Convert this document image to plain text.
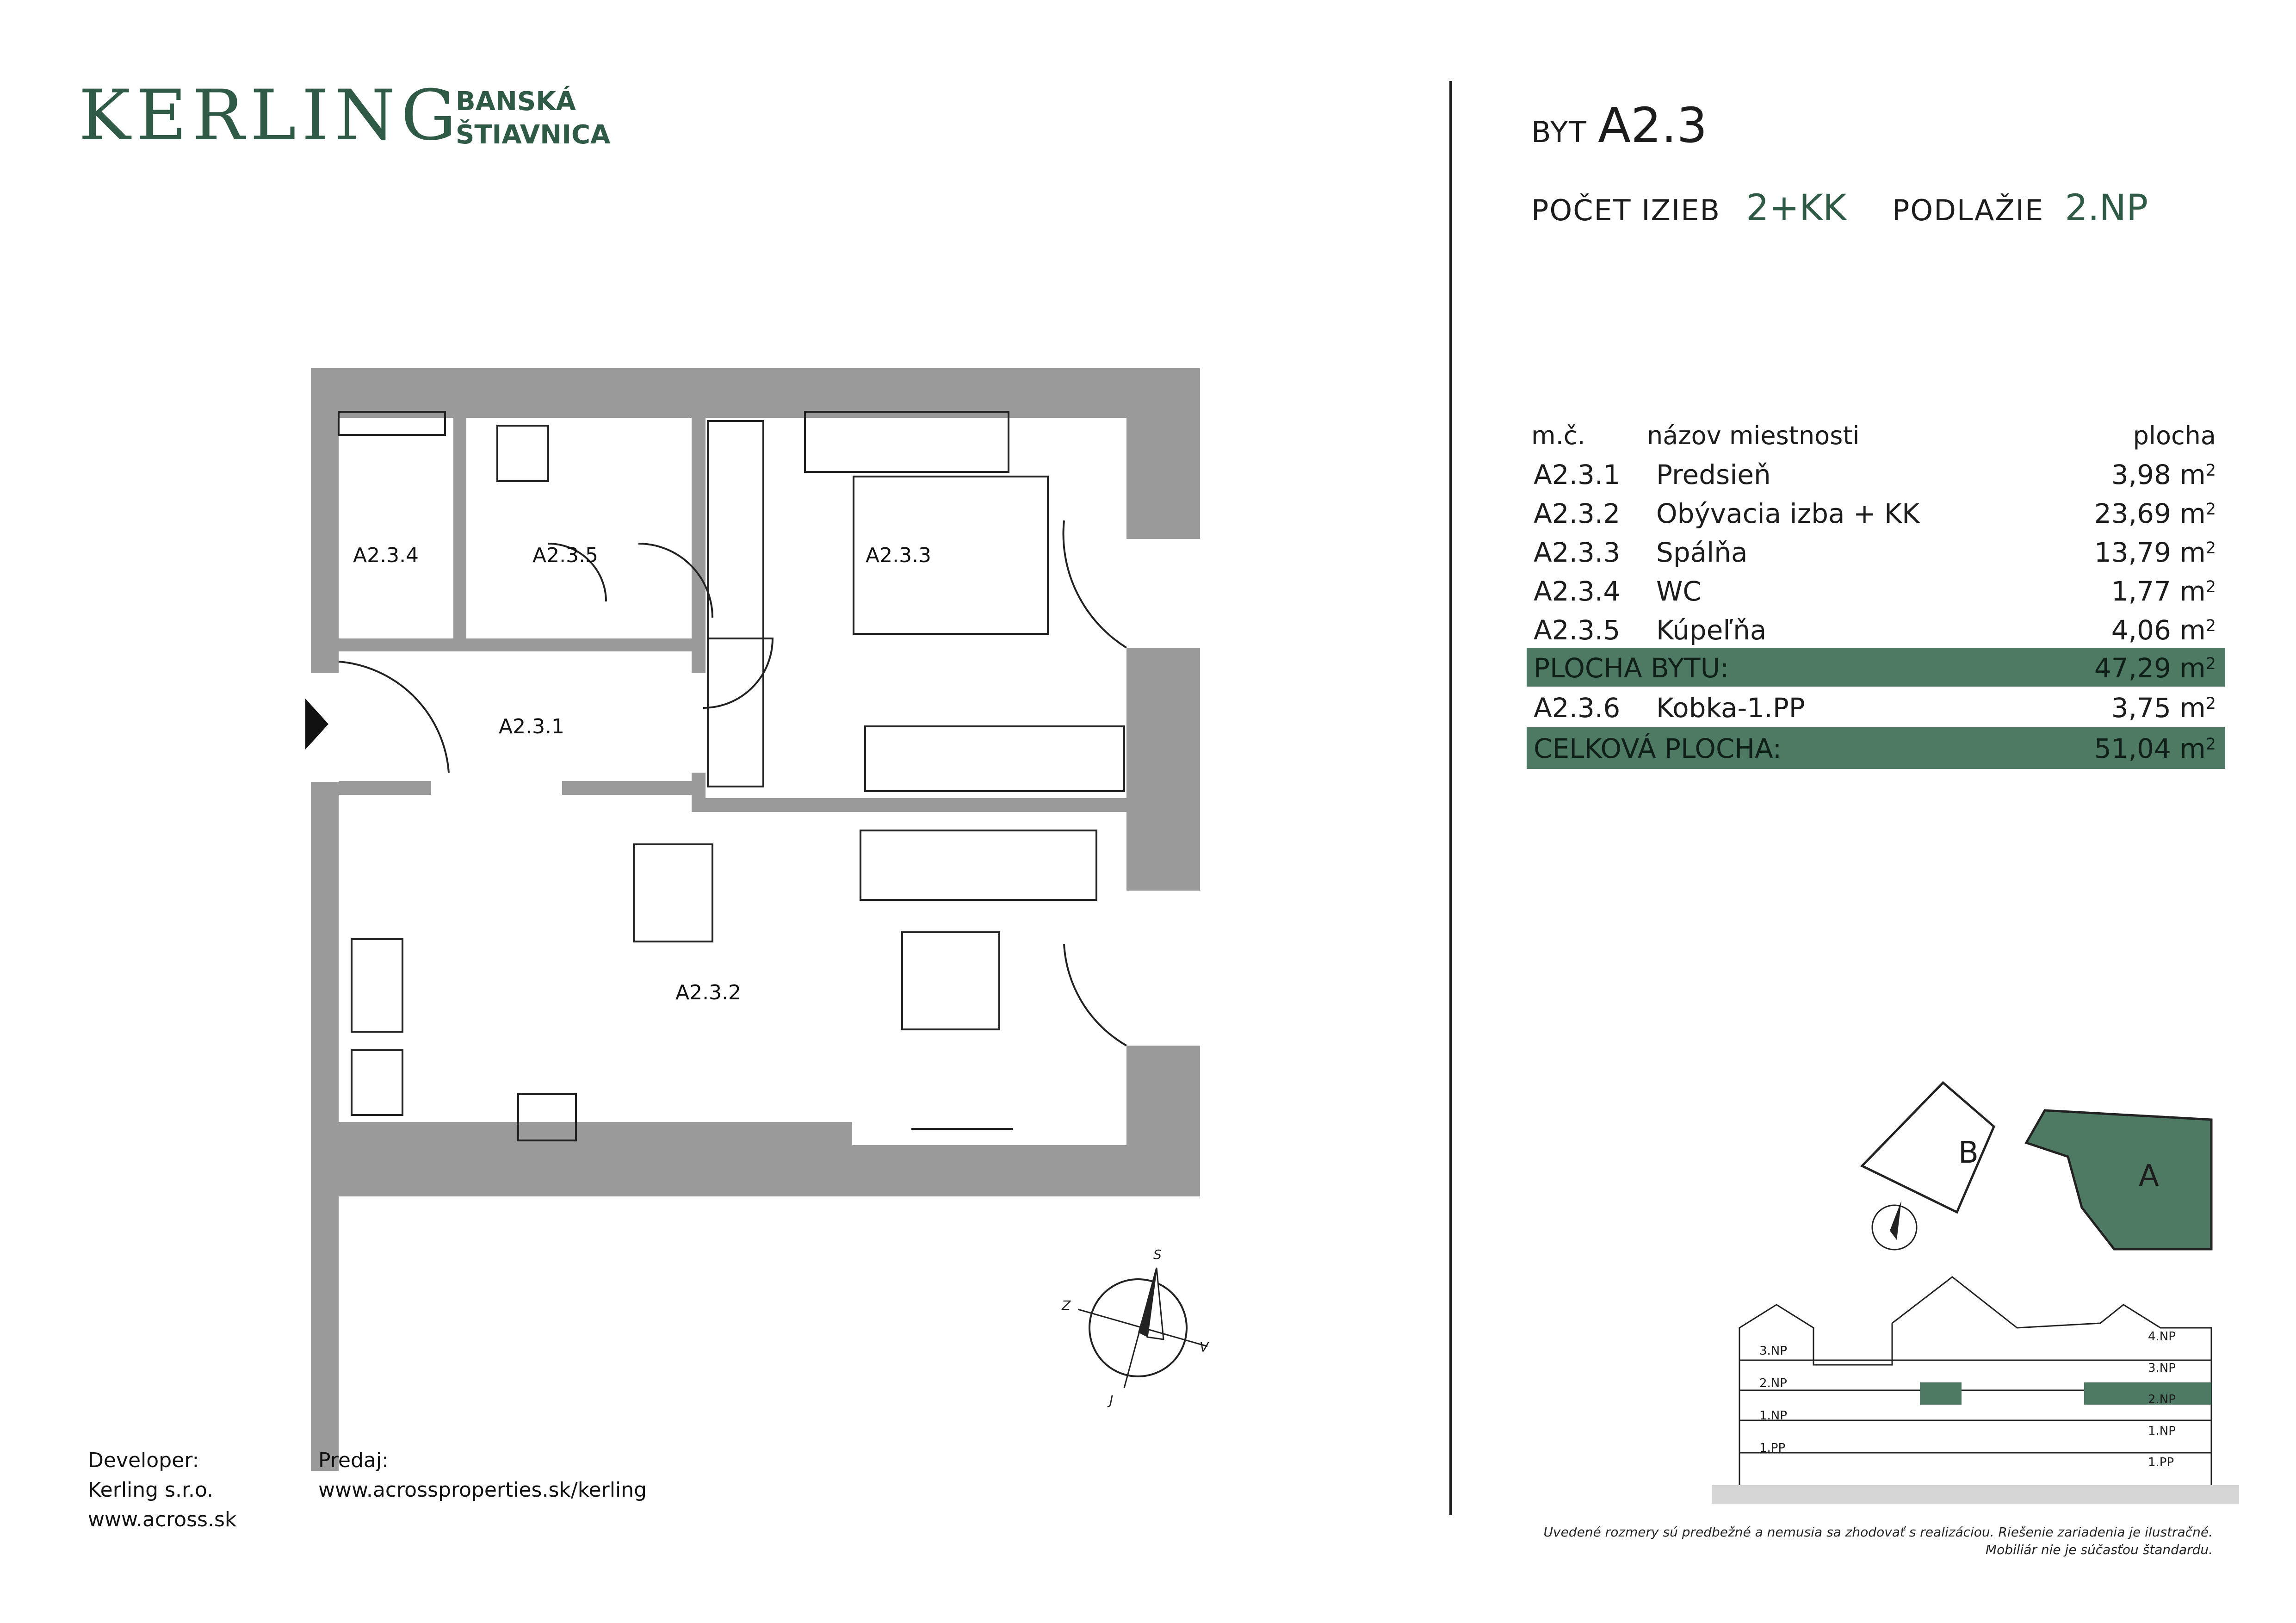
KERLING
BANSKÁ
ŠTIAVNICA	BYT A2.3
POČET IZIEB 2+KK PODLAŽIE 2.NP
m.č. názov miestnosti	plocha
A2.3.1 Predsieň	3,98 $m^2$
A2.3.2 Obývacia izba + KK	23,69 $m^2$
A2.3.3 Spálňa	13,79 $m^2$
A2.3.4 WC	1,77 $m^2$
A2.3.5 Kúpeľňa	4,06 $m^2$
PLOCHA BYTU:	47,29 $m^2$
A2.3.6 Kobka-1.PP	3,75 $m^2$
CELKOVÁ PLOCHA:	51,04 $m^2$
A2.3.4	A2.3.5	A2.3.3
A2.3.1
A2.3.2
S
V
J
Z
B
A
3.NP
2.NP
1.NP
1.PP
4.NP
3.NP
2.NP
1.NP
1.PP
Developer:
Kerling s.r.o.
www.across.sk
Predaj:
www.acrossproperties.sk/kerling
Uvedené rozmery sú predbežné a nemusia sa zhodovať s realizáciou. Riešenie zariadenia je ilustračné.
Mobiliár nie je súčasťou štandardu.
